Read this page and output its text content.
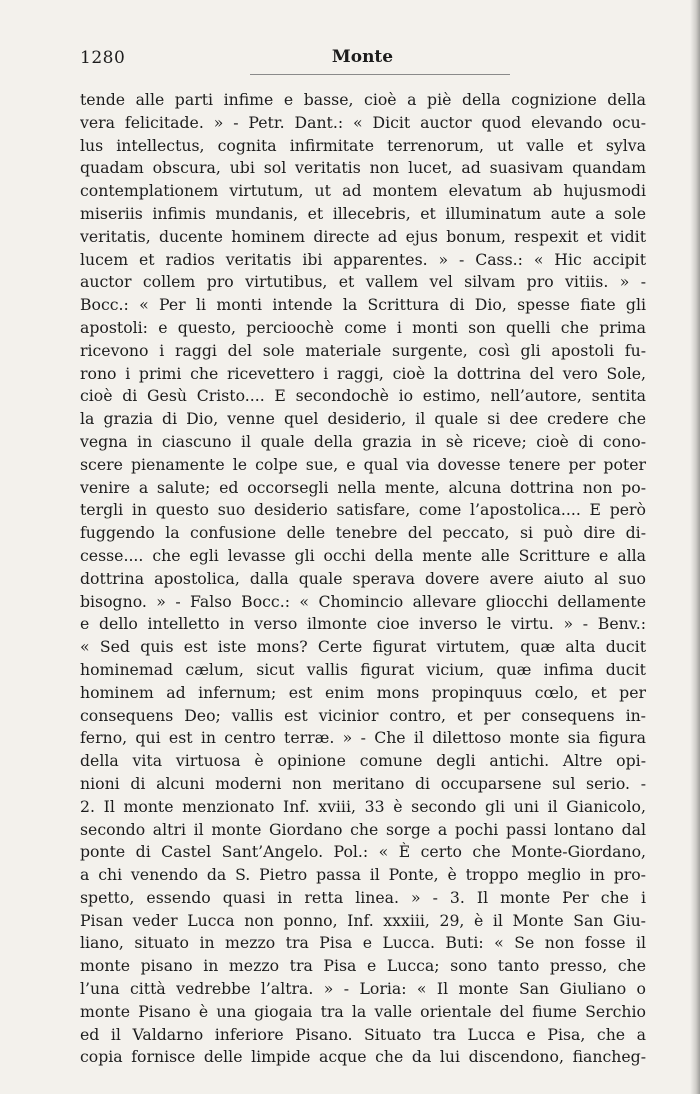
1280	Monte
tende alle parti infime e basse, cioè a piè della cognizione della
vera felicitade. » - Petr. Dant.: « Dicit auctor quod elevando ocu-
lus intellectus, cognita infirmitate terrenorum, ut valle et sylva
quadam obscura, ubi sol veritatis non lucet, ad suasivam quandam
contemplationem virtutum, ut ad montem elevatum ab hujusmodi
miseriis infimis mundanis, et illecebris, et illuminatum aute a sole
veritatis, ducente hominem directe ad ejus bonum, respexit et vidit
lucem et radios veritatis ibi apparentes. » - Cass.: « Hic accipit
auctor collem pro virtutibus, et vallem vel silvam pro vitiis. » -
Bocc.: « Per li monti intende la Scrittura di Dio, spesse fiate gli
apostoli: e questo, percioochè come i monti son quelli che prima
ricevono i raggi del sole materiale surgente, così gli apostoli fu-
rono i primi che ricevettero i raggi, cioè la dottrina del vero Sole,
cioè di Gesù Cristo.... E secondochè io estimo, nell’autore, sentita
la grazia di Dio, venne quel desiderio, il quale si dee credere che
vegna in ciascuno il quale della grazia in sè riceve; cioè di cono-
scere pienamente le colpe sue, e qual via dovesse tenere per poter
venire a salute; ed occorsegli nella mente, alcuna dottrina non po-
tergli in questo suo desiderio satisfare, come l’apostolica.... E però
fuggendo la confusione delle tenebre del peccato, si può dire di-
cesse.... che egli levasse gli occhi della mente alle Scritture e alla
dottrina apostolica, dalla quale sperava dovere avere aiuto al suo
bisogno. » - Falso Bocc.: « Chomincio allevare gliocchi dellamente
e dello intelletto in verso ilmonte cioe inverso le virtu. » - Benv.:
« Sed quis est iste mons? Certe figurat virtutem, quæ alta ducit
hominemad cælum, sicut vallis figurat vicium, quæ infima ducit
hominem ad infernum; est enim mons propinquus cœlo, et per
consequens Deo; vallis est vicinior contro, et per consequens in-
ferno, qui est in centro terræ. » - Che il dilettoso monte sia figura
della vita virtuosa è opinione comune degli antichi. Altre opi-
nioni di alcuni moderni non meritano di occuparsene sul serio. -
2. Il monte menzionato Inf. xviii, 33 è secondo gli uni il Gianicolo,
secondo altri il monte Giordano che sorge a pochi passi lontano dal
ponte di Castel Sant’Angelo. Pol.: « È certo che Monte-Giordano,
a chi venendo da S. Pietro passa il Ponte, è troppo meglio in pro-
spetto, essendo quasi in retta linea. » - 3. Il monte Per che i
Pisan veder Lucca non ponno, Inf. xxxiii, 29, è il Monte San Giu-
liano, situato in mezzo tra Pisa e Lucca. Buti: « Se non fosse il
monte pisano in mezzo tra Pisa e Lucca; sono tanto presso, che
l’una città vedrebbe l’altra. » - Loria: « Il monte San Giuliano o
monte Pisano è una giogaia tra la valle orientale del fiume Serchio
ed il Valdarno inferiore Pisano. Situato tra Lucca e Pisa, che a
copia fornisce delle limpide acque che da lui discendono, fiancheg-
